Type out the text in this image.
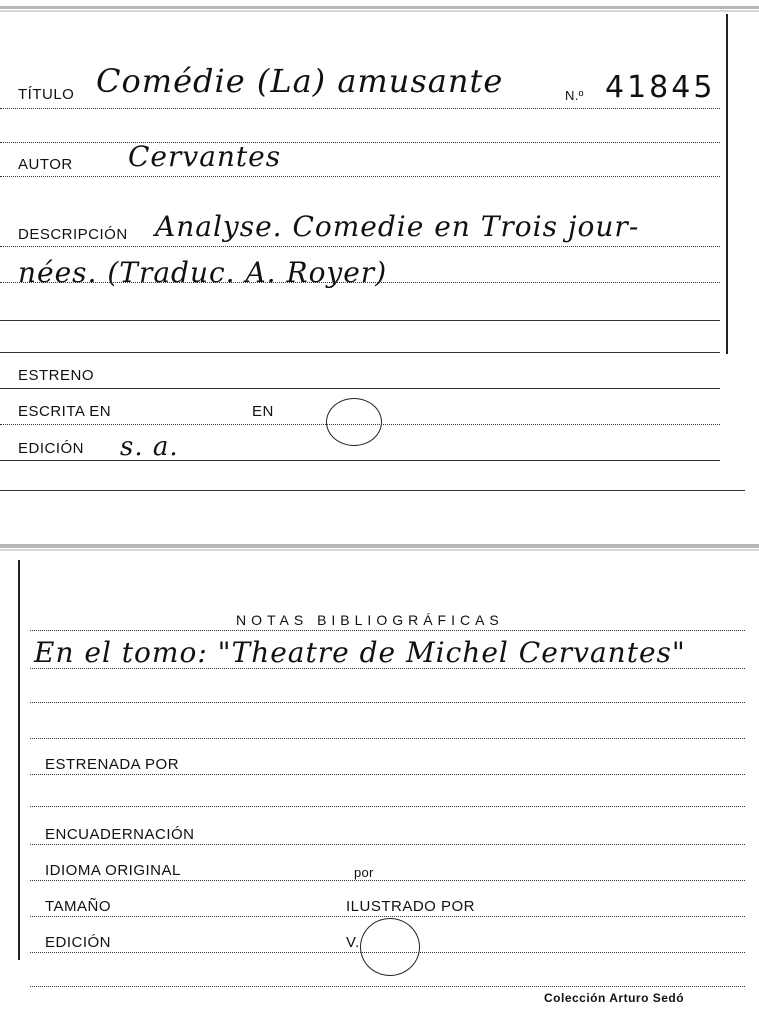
TÍTULO Comédie (La) amusante	N.º 41845
AUTOR Cervantes
DESCRIPCIÓN Analyse. Comedie en Trois jour-
nées. (Traduc. A. Royer)
ESTRENO
ESCRITA EN	EN
EDICIÓN s. a.
NOTAS BIBLIOGRÁFICAS
En el tomo: "Theatre de Michel Cervantes"
ESTRENADA POR
ENCUADERNACIÓN
IDIOMA ORIGINAL	por
TAMAÑO	ILUSTRADO POR
EDICIÓN	V.
Colección Arturo Sedó
